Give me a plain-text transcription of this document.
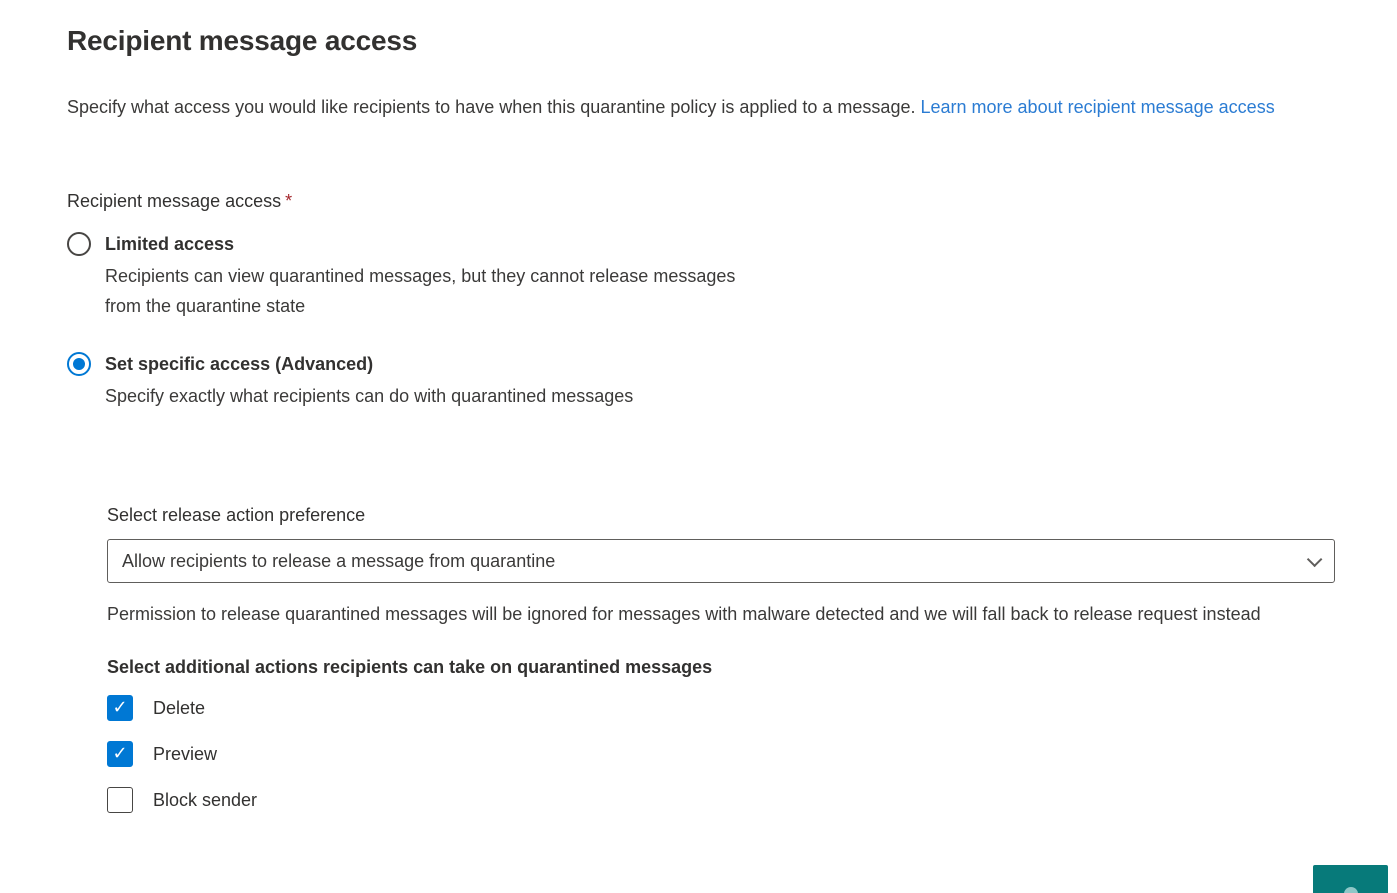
Recipient message access

Specify what access you would like recipients to have when this quarantine policy is applied to a message. Learn more about recipient message access

Recipient message access *
Limited access
Recipients can view quarantined messages, but they cannot release messages from the quarantine state
Set specific access (Advanced)
Specify exactly what recipients can do with quarantined messages
Select release action preference
Allow recipients to release a message from quarantine

Permission to release quarantined messages will be ignored for messages with malware detected and we will fall back to release request instead

Select additional actions recipients can take on quarantined messages
✓ Delete
✓ Preview
Block sender
